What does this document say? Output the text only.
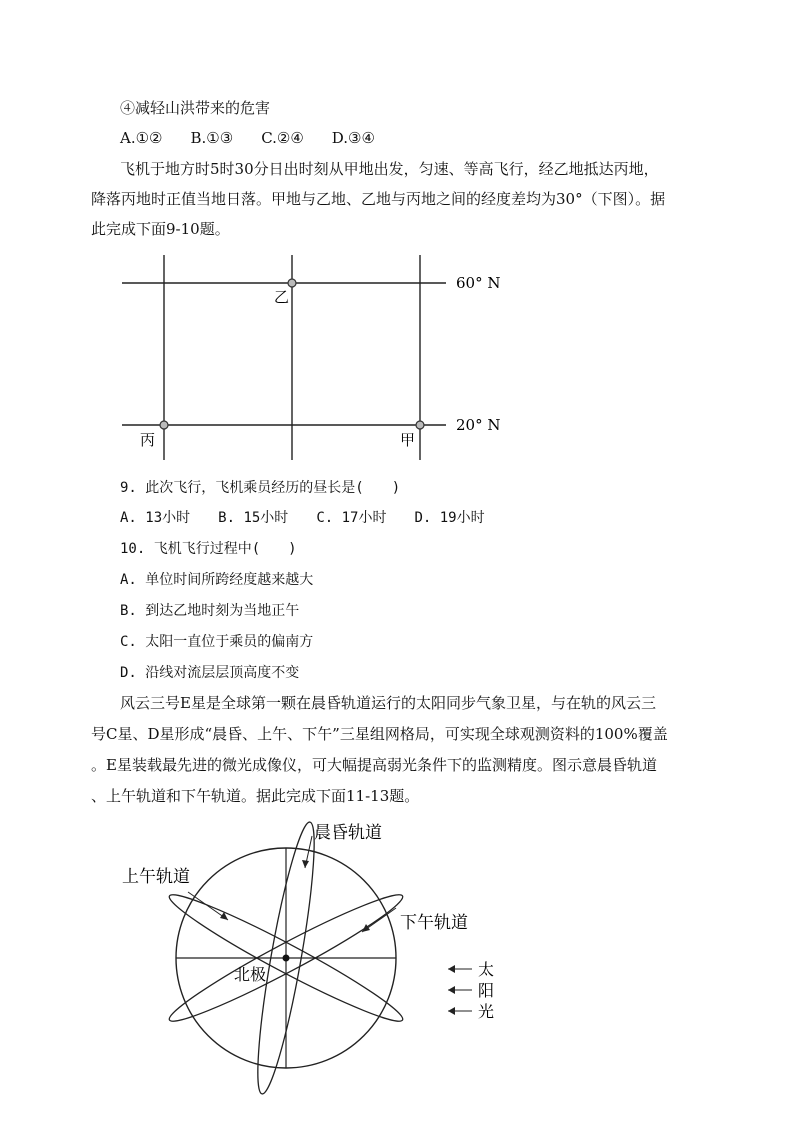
④减轻山洪带来的危害
A.①② B.①③ C.②④ D.③④
飞机于地方时5时30分日出时刻从甲地出发，匀速、等高飞行，经乙地抵达丙地，
降落丙地时正值当地日落。甲地与乙地、乙地与丙地之间的经度差均为30°（下图）。据
此完成下面9-10题。
60° N
20° N
乙
丙	甲
9. 此次飞行，飞机乘员经历的昼长是(　　)
A. 13小时 B. 15小时 C. 17小时 D. 19小时
10. 飞机飞行过程中(　　)
A. 单位时间所跨经度越来越大
B. 到达乙地时刻为当地正午
C. 太阳一直位于乘员的偏南方
D. 沿线对流层层顶高度不变
风云三号E星是全球第一颗在晨昏轨道运行的太阳同步气象卫星，与在轨的风云三
号C星、D星形成“晨昏、上午、下午”三星组网格局，可实现全球观测资料的100%覆盖
。E星装载最先进的微光成像仪，可大幅提高弱光条件下的监测精度。图示意晨昏轨道
、上午轨道和下午轨道。据此完成下面11-13题。
晨昏轨道
上午轨道
下午轨道
北极	太
阳
光
